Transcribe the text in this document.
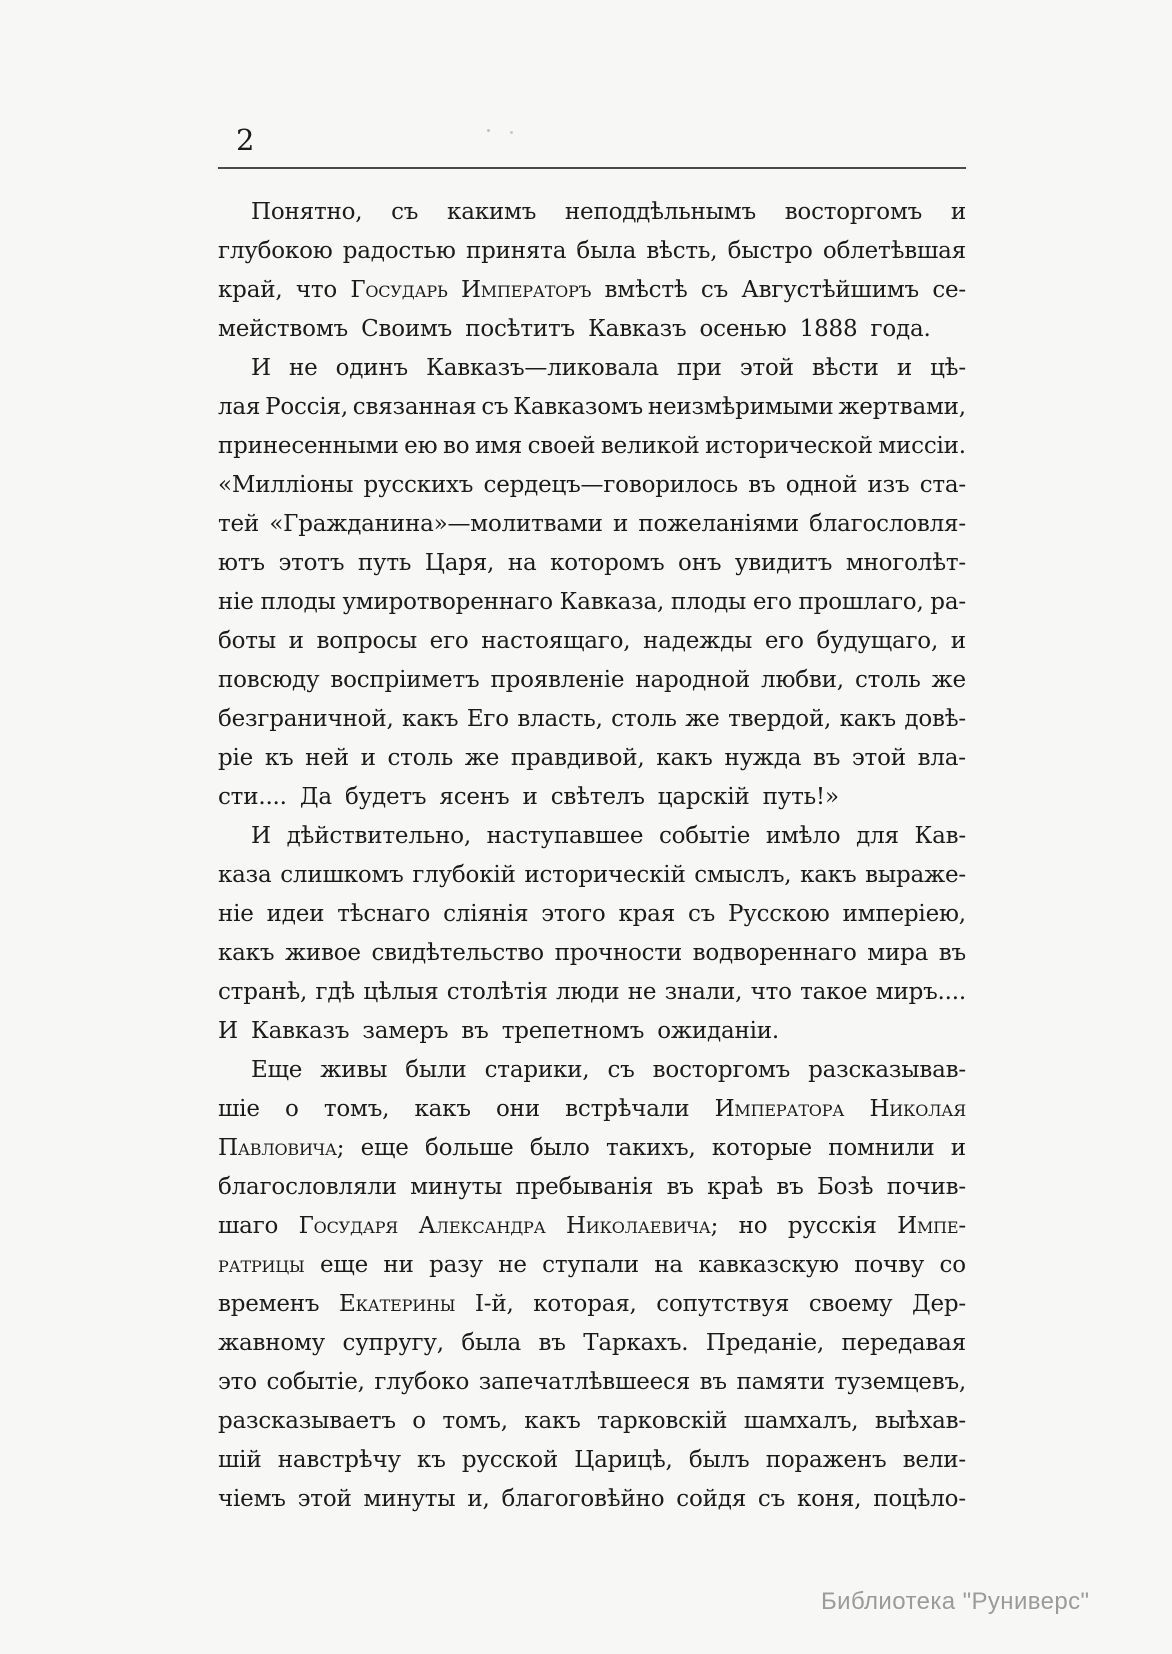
2
Понятно, съ какимъ неподдѣльнымъ восторгомъ и
глубокою радостью принята была вѣсть, быстро облетѣвшая
край, что Государь Императоръ вмѣстѣ съ Августѣйшимъ се-
мействомъ Своимъ посѣтитъ Кавказъ осенью 1888 года.
И не одинъ Кавказъ—ликовала при этой вѣсти и цѣ-
лая Россія, связанная съ Кавказомъ неизмѣримыми жертвами,
принесенными ею во имя своей великой исторической миссіи.
«Милліоны русскихъ сердецъ—говорилось въ одной изъ ста-
тей «Гражданина»—молитвами и пожеланіями благословля-
ютъ этотъ путь Царя, на которомъ онъ увидитъ многолѣт-
ніе плоды умиротвореннаго Кавказа, плоды его прошлаго, ра-
боты и вопросы его настоящаго, надежды его будущаго, и
повсюду воспріиметъ проявленіе народной любви, столь же
безграничной, какъ Его власть, столь же твердой, какъ довѣ-
ріе къ ней и столь же правдивой, какъ нужда въ этой вла-
сти.... Да будетъ ясенъ и свѣтелъ царскій путь!»
И дѣйствительно, наступавшее событіе имѣло для Кав-
каза слишкомъ глубокій историческій смыслъ, какъ выраже-
ніе идеи тѣснаго сліянія этого края съ Русскою имперіею,
какъ живое свидѣтельство прочности водвореннаго мира въ
странѣ, гдѣ цѣлыя столѣтія люди не знали, что такое миръ....
И Кавказъ замеръ въ трепетномъ ожиданіи.
Еще живы были старики, съ восторгомъ разсказывав-
шіе о томъ, какъ они встрѣчали Императора Николая
Павловича; еще больше было такихъ, которые помнили и
благословляли минуты пребыванія въ краѣ въ Бозѣ почив-
шаго Государя Александра Николаевича; но русскія Импе-
ратрицы еще ни разу не ступали на кавказскую почву со
временъ Екатерины I-й, которая, сопутствуя своему Дер-
жавному супругу, была въ Таркахъ. Преданіе, передавая
это событіе, глубоко запечатлѣвшееся въ памяти туземцевъ,
разсказываетъ о томъ, какъ тарковскій шамхалъ, выѣхав-
шій навстрѣчу къ русской Царицѣ, былъ пораженъ вели-
чіемъ этой минуты и, благоговѣйно сойдя съ коня, поцѣло-
Библиотека "Руниверс"
